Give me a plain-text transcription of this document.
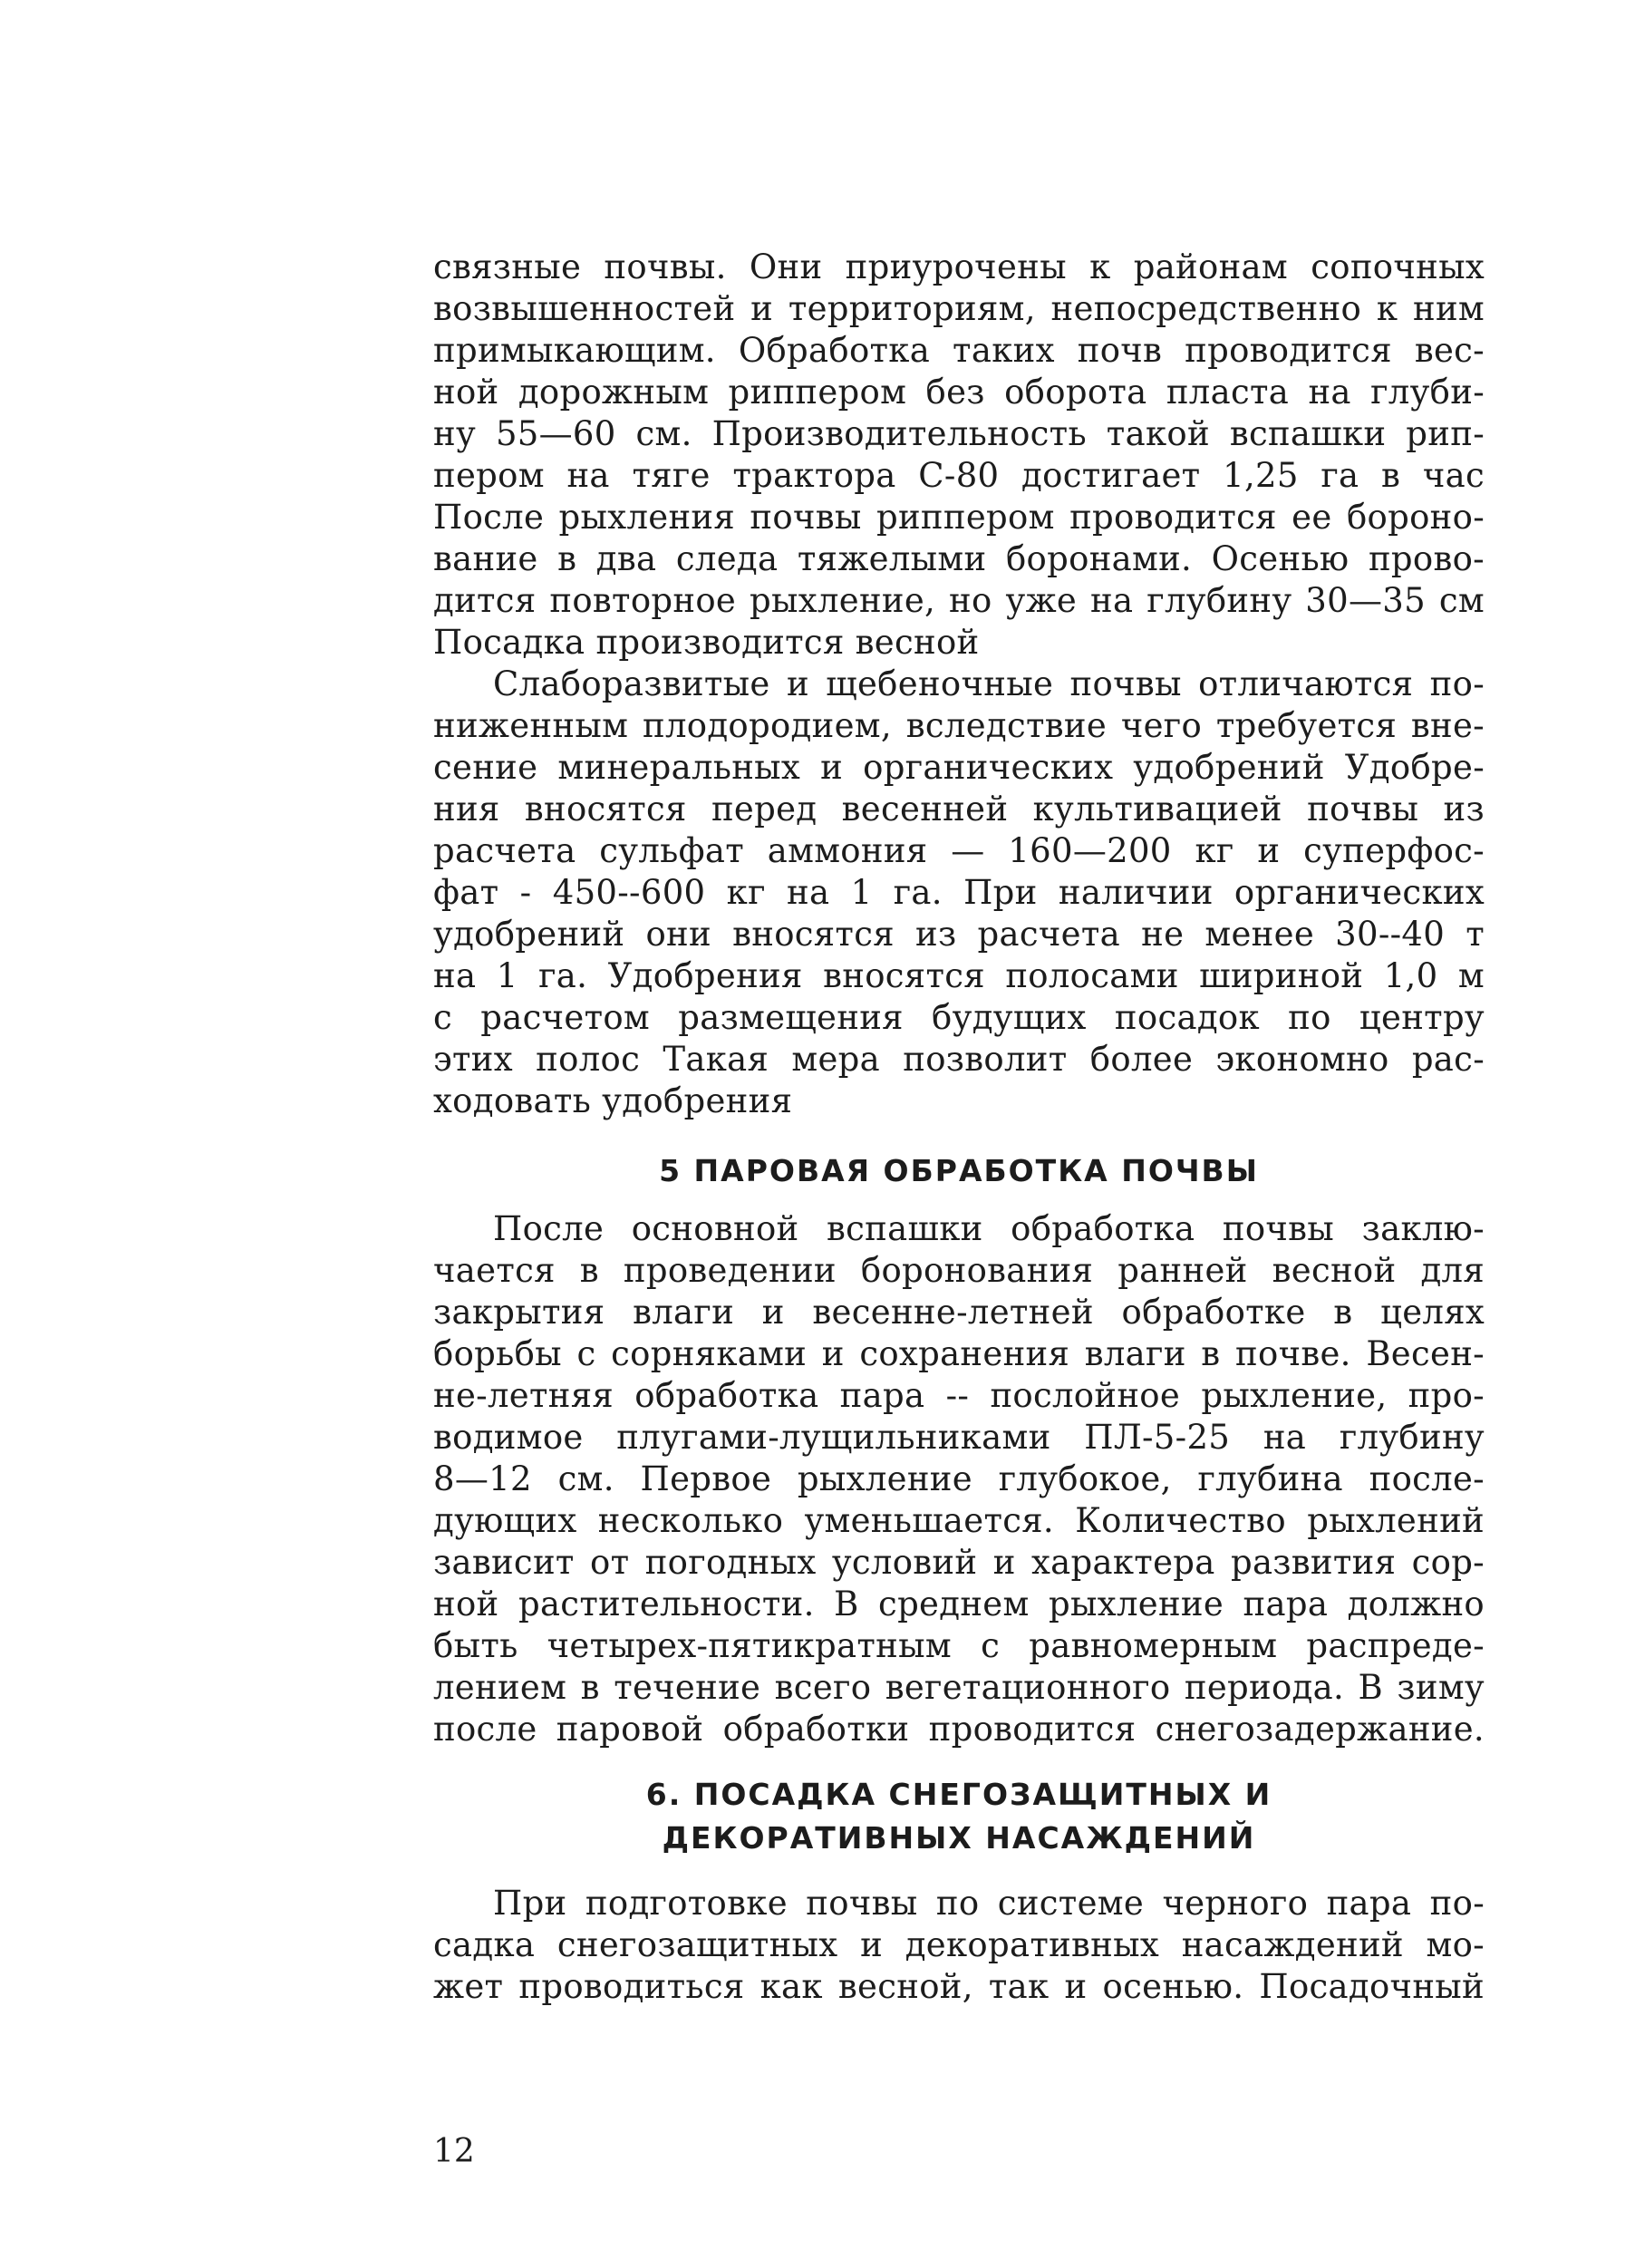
связные почвы. Они приурочены к районам сопочных
возвышенностей и территориям, непосредственно к ним
примыкающим. Обработка таких почв проводится вес-
ной дорожным риппером без оборота пласта на глуби-
ну 55—60 см. Производительность такой вспашки рип-
пером на тяге трактора С-80 достигает 1,25 га в час
После рыхления почвы риппером проводится ее бороно-
вание в два следа тяжелыми боронами. Осенью прово-
дится повторное рыхление, но уже на глубину 30—35 см
Посадка производится весной
Слаборазвитые и щебеночные почвы отличаются по-
ниженным плодородием, вследствие чего требуется вне-
сение минеральных и органических удобрений Удобре-
ния вносятся перед весенней культивацией почвы из
расчета сульфат аммония — 160—200 кг и суперфос-
фат - 450--600 кг на 1 га. При наличии органических
удобрений они вносятся из расчета не менее 30--40 т
на 1 га. Удобрения вносятся полосами шириной 1,0 м
с расчетом размещения будущих посадок по центру
этих полос Такая мера позволит более экономно рас-
ходовать удобрения
5 ПАРОВАЯ ОБРАБОТКА ПОЧВЫ
После основной вспашки обработка почвы заклю-
чается в проведении боронования ранней весной для
закрытия влаги и весенне-летней обработке в целях
борьбы с сорняками и сохранения влаги в почве. Весен-
не-летняя обработка пара -- послойное рыхление, про-
водимое плугами-лущильниками ПЛ-5-25 на глубину
8—12 см. Первое рыхление глубокое, глубина после-
дующих несколько уменьшается. Количество рыхлений
зависит от погодных условий и характера развития сор-
ной растительности. В среднем рыхление пара должно
быть четырех-пятикратным с равномерным распреде-
лением в течение всего вегетационного периода. В зиму
после паровой обработки проводится снегозадержание.
6. ПОСАДКА СНЕГОЗАЩИТНЫХ И
ДЕКОРАТИВНЫХ НАСАЖДЕНИЙ
При подготовке почвы по системе черного пара по-
садка снегозащитных и декоративных насаждений мо-
жет проводиться как весной, так и осенью. Посадочный
12
